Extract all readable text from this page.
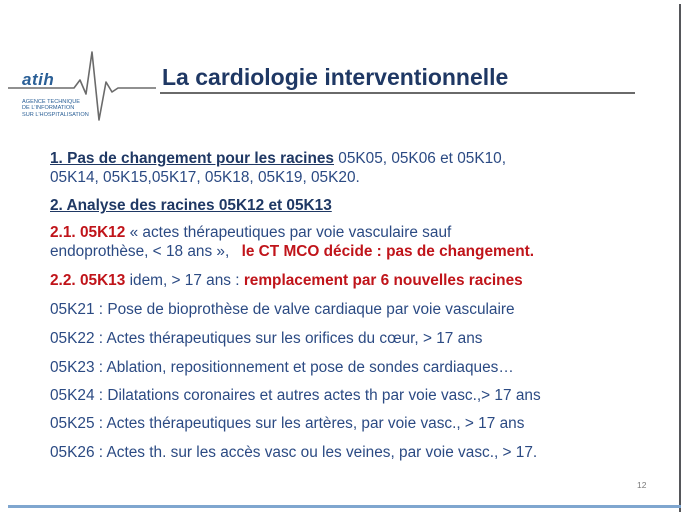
atih
AGENCE TECHNIQUE
DE L'INFORMATION
SUR L'HOSPITALISATION
La cardiologie interventionnelle
1. Pas de changement pour les racines 05K05, 05K06 et 05K10,
05K14, 05K15,05K17, 05K18, 05K19, 05K20.
2. Analyse des racines 05K12 et 05K13
2.1. 05K12 « actes thérapeutiques par voie vasculaire sauf
endoprothèse, < 18 ans », le CT MCO décide : pas de changement.
2.2. 05K13 idem, > 17 ans : remplacement par 6 nouvelles racines
05K21 : Pose de bioprothèse de valve cardiaque par voie vasculaire
05K22 : Actes thérapeutiques sur les orifices du cœur, > 17 ans
05K23 : Ablation, repositionnement et pose de sondes cardiaques…
05K24 : Dilatations coronaires et autres actes th par voie vasc.,> 17 ans
05K25 : Actes thérapeutiques sur les artères, par voie vasc., > 17 ans
05K26 : Actes th. sur les accès vasc ou les veines, par voie vasc., > 17.
12
